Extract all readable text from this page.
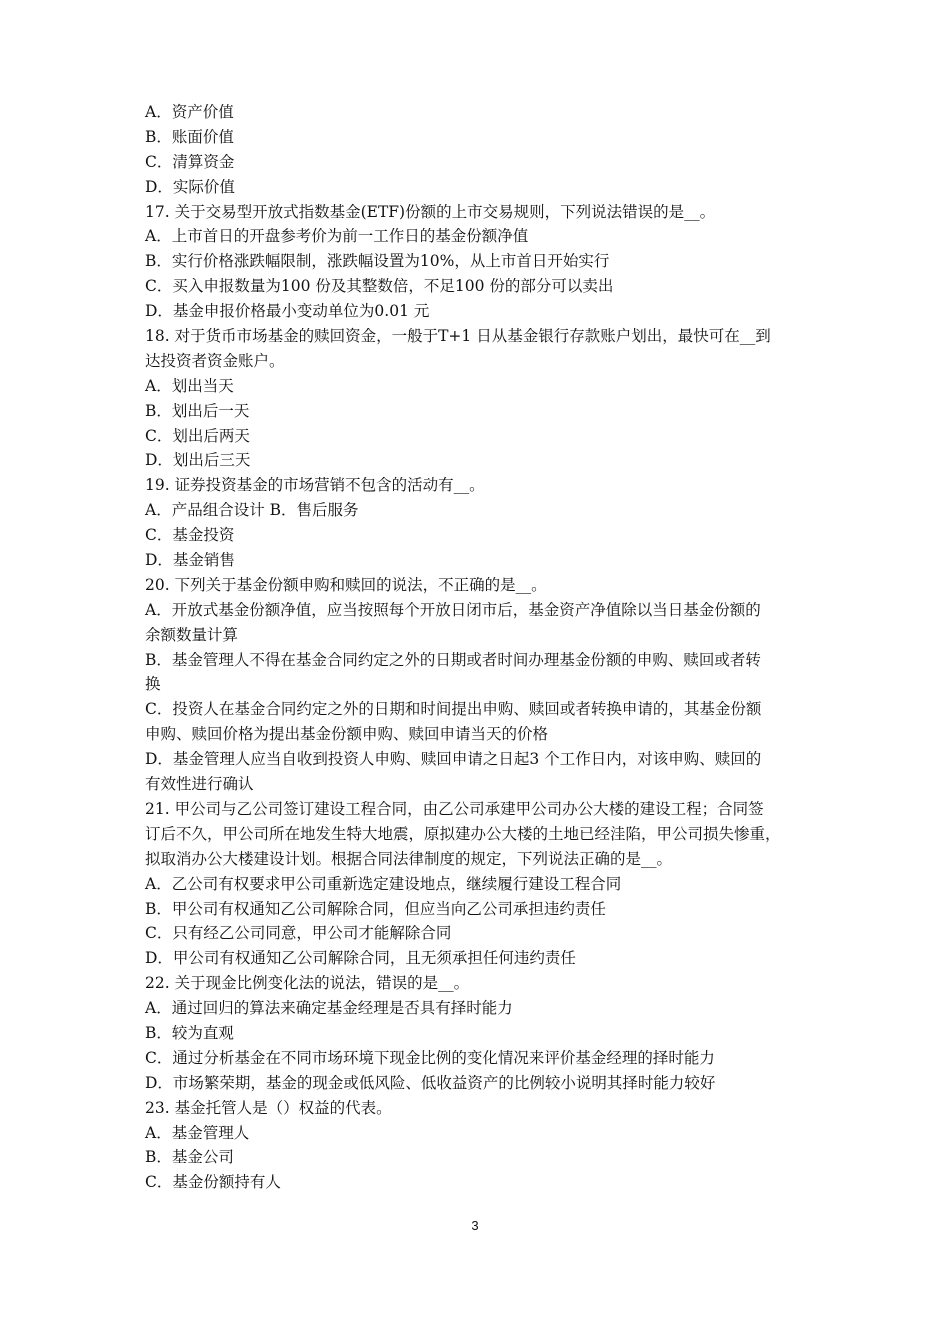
A．资产价值
B．账面价值
C．清算资金
D．实际价值
17. 关于交易型开放式指数基金(ETF)份额的上市交易规则，下列说法错误的是__。
A．上市首日的开盘参考价为前一工作日的基金份额净值
B．实行价格涨跌幅限制，涨跌幅设置为10%，从上市首日开始实行
C．买入申报数量为100 份及其整数倍，不足100 份的部分可以卖出
D．基金申报价格最小变动单位为0.01 元
18. 对于货币市场基金的赎回资金，一般于T+1 日从基金银行存款账户划出，最快可在__到
达投资者资金账户。
A．划出当天
B．划出后一天
C．划出后两天
D．划出后三天
19. 证券投资基金的市场营销不包含的活动有__。
A．产品组合设计 B．售后服务
C．基金投资
D．基金销售
20. 下列关于基金份额申购和赎回的说法，不正确的是__。
A．开放式基金份额净值，应当按照每个开放日闭市后，基金资产净值除以当日基金份额的
余额数量计算
B．基金管理人不得在基金合同约定之外的日期或者时间办理基金份额的申购、赎回或者转
换
C．投资人在基金合同约定之外的日期和时间提出申购、赎回或者转换申请的，其基金份额
申购、赎回价格为提出基金份额申购、赎回申请当天的价格
D．基金管理人应当自收到投资人申购、赎回申请之日起3 个工作日内，对该申购、赎回的
有效性进行确认
21. 甲公司与乙公司签订建设工程合同，由乙公司承建甲公司办公大楼的建设工程；合同签
订后不久，甲公司所在地发生特大地震，原拟建办公大楼的土地已经洼陷，甲公司损失惨重，
拟取消办公大楼建设计划。根据合同法律制度的规定，下列说法正确的是__。
A．乙公司有权要求甲公司重新选定建设地点，继续履行建设工程合同
B．甲公司有权通知乙公司解除合同，但应当向乙公司承担违约责任
C．只有经乙公司同意，甲公司才能解除合同
D．甲公司有权通知乙公司解除合同，且无须承担任何违约责任
22. 关于现金比例变化法的说法，错误的是__。
A．通过回归的算法来确定基金经理是否具有择时能力
B．较为直观
C．通过分析基金在不同市场环境下现金比例的变化情况来评价基金经理的择时能力
D．市场繁荣期，基金的现金或低风险、低收益资产的比例较小说明其择时能力较好
23. 基金托管人是（）权益的代表。
A．基金管理人
B．基金公司
C．基金份额持有人
3
